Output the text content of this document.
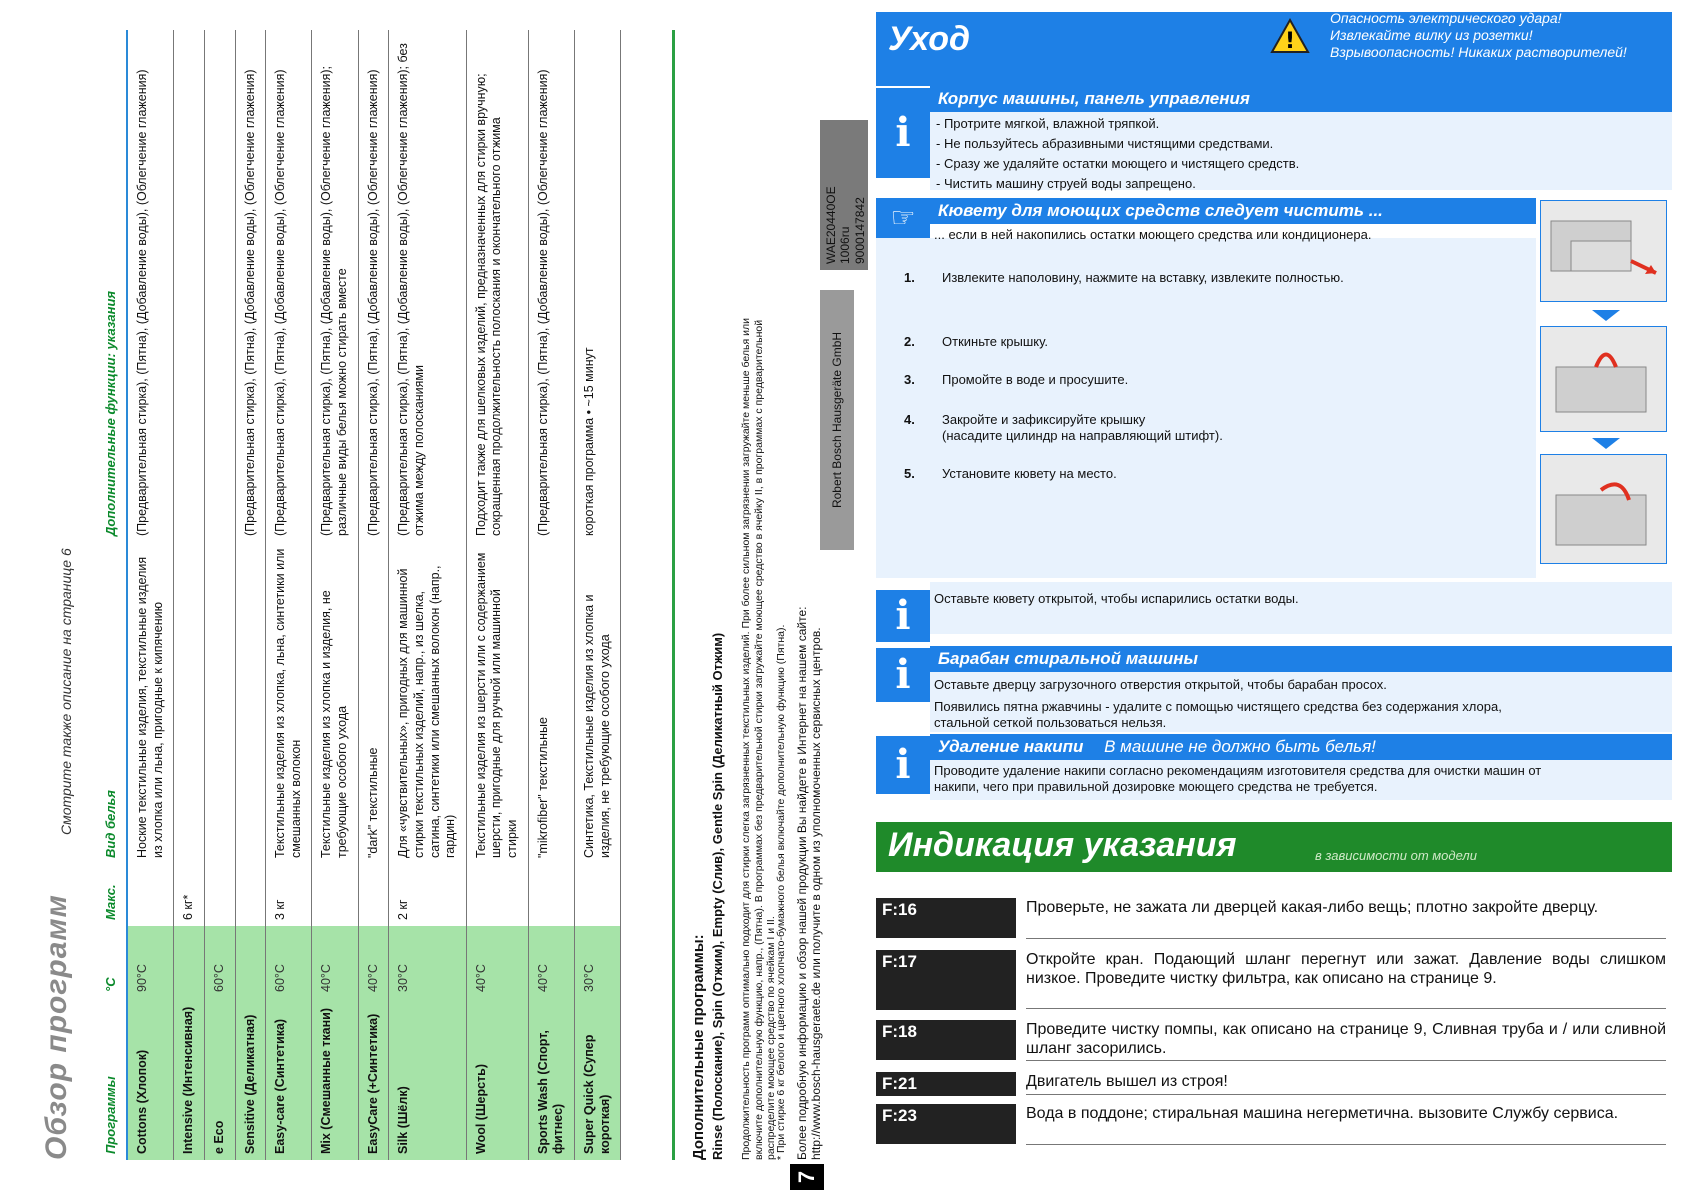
Обзор программ
Смотрите также описание на странице 6
Программы	°C	Макс.	Вид белья	Дополнительные функции: указания
Cottons (Хлопок)	90°C		Ноские текстильные изделия, текстильные изделия из хлопка или льна, пригодные к кипячению	(Предварительная стирка), (Пятна), (Добавление воды), (Облегчение глажения)
Intensive (Интенсивная)		6 кг*		
e Eco	60°C			
Sensitive (Деликатная)				(Предварительная стирка), (Пятна), (Добавление воды), (Облегчение глажения)
Easy-care (Синтетика)	60°C	3 кг	Текстильные изделия из хлопка, льна, синтетики или смешанных волокон	(Предварительная стирка), (Пятна), (Добавление воды), (Облегчение глажения)
Mix (Смешанные ткани)	40°C		Текстильные изделия из хлопка и изделия, не требующие особого ухода	(Предварительная стирка), (Пятна), (Добавление воды), (Облегчение глажения); различные виды белья можно стирать вместе
EasyCare (+Синтетика)	40°C		"dark" текстильные	(Предварительная стирка), (Пятна), (Добавление воды), (Облегчение глажения)
Silk (Шёлк)	30°C	2 кг	Для «чувствительных», пригодных для машинной стирки текстильных изделий, напр., из шелка, сатина, синтетики или смешанных волокон (напр., гардин)	(Предварительная стирка), (Пятна), (Добавление воды), (Облегчение глажения); без отжима между полосканиями
Wool (Шерсть)	40°C		Текстильные изделия из шерсти или с содержанием шерсти, пригодные для ручной или машинной стирки	Подходит также для шелковых изделий, предназначенных для стирки вручную; сокращенная продолжительность полоскания и окончательного отжима
Sports Wash (Спорт, фитнес)	40°C		"mikrofiber" текстильные	(Предварительная стирка), (Пятна), (Добавление воды), (Облегчение глажения)
Super Quick (Супер короткая)	30°C		Синтетика, Текстильные изделия из хлопка и изделия, не требующие особого ухода	короткая программа • ~15 минут
Дополнительные программы: Rinse (Полоскание), Spin (Отжим), Empty (Слив), Gentle Spin (Деликатный Отжим) Продолжительность программ оптимально подходит для стирки слегка загрязненных текстильных изделий. При более сильном загрязнении загружайте меньше белья или включите дополнительную функцию, напр., (Пятна). В программах без предварительной стирки загружайте моющее средство в ячейку II, в программах с предварительной распределите моющее средство по ячейкам I и II.
* При стирке 6 кг белого и цветного хлопчато-бумажного белья включайте дополнительную функцию (Пятна). Более подробную информацию и обзор нашей продукции Вы найдете в Интернет на нашем сайте: http://www.bosch-hausgeraete.de или получите в одном из уполномоченных сервисных центров.
7
Robert Bosch Hausgeräte GmbH
WAE20440OE 1006ru 9000147842
Уход	!
Опасность электрического удара!
Извлекайте вилку из розетки!
Взрывоопасность! Никаких растворителей!
i
Корпус машины, панель управления
- Протрите мягкой, влажной тряпкой.
- Не пользуйтесь абразивными чистящими средствами.
- Сразу же удаляйте остатки моющего и чистящего средств.
- Чистить машину струей воды запрещено.
☞	Кювету для моющих средств следует чистить ...
... если в ней накопились остатки моющего средства или кондиционера.
1. Извлеките наполовину, нажмите на вставку, извлеките полностью.
2. Откиньте крышку.
3. Промойте в воде и просушите.
4. Закройте и зафиксируйте крышку
(насадите цилиндр на направляющий штифт).
5. Установите кювету на место.
i	Оставьте кювету открытой, чтобы испарились остатки воды.
i	Барабан стиральной машины
Оставьте дверцу загрузочного отверстия открытой, чтобы барабан просох.
Появились пятна ржавчины - удалите с помощью чистящего средства без содержания хлора,
стальной сеткой пользоваться нельзя.
i	Удаление накипи В машине не должно быть белья!
Проводите удаление накипи согласно рекомендациям изготовителя средства для очистки машин от
накипи, чего при правильной дозировке моющего средства не требуется.
Индикация указания	в зависимости от модели
F:16	Проверьте, не зажата ли дверцей какая-либо вещь; плотно закройте дверцу.
F:17	Откройте кран. Подающий шланг перегнут или зажат. Давление воды слишком низкое. Проведите чистку фильтра, как описано на странице 9.
F:18	Проведите чистку помпы, как описано на странице 9, Сливная труба и / или сливной шланг засорились.
F:21	Двигатель вышел из строя!
F:23	Вода в поддоне; стиральная машина негерметична. вызовите Службу сервиса.
